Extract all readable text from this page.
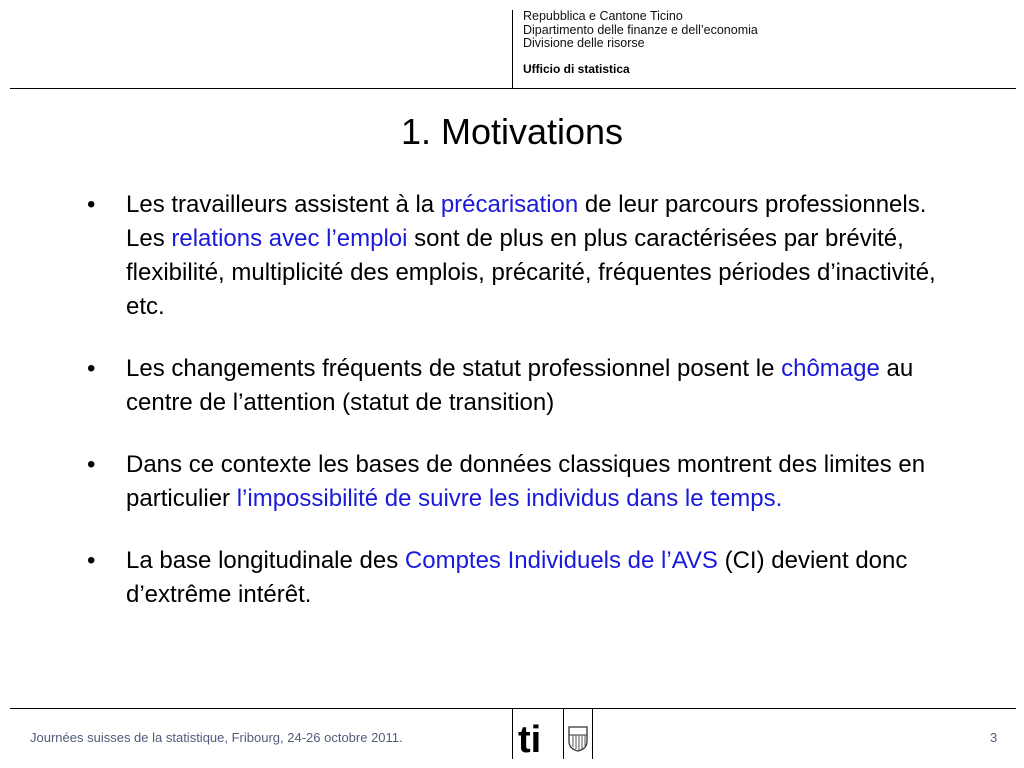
Repubblica e Cantone Ticino
Dipartimento delle finanze e dell’economia
Divisione delle risorse
Ufficio di statistica
1. Motivations
• Les travailleurs assistent à la précarisation de leur parcours professionnels. Les relations avec l’emploi sont de plus en plus caractérisées par brévité, flexibilité, multiplicité des emplois, précarité, fréquentes périodes d’inactivité, etc.
• Les changements fréquents de statut professionnel posent le chômage au centre de l’attention (statut de transition)
• Dans ce contexte les bases de données classiques montrent des limites en particulier l’impossibilité de suivre les individus dans le temps.
• La base longitudinale des Comptes Individuels de l’AVS (CI) devient donc d’extrême intérêt.
Journées suisses de la statistique, Fribourg, 24-26 octobre 2011.	ti	3
